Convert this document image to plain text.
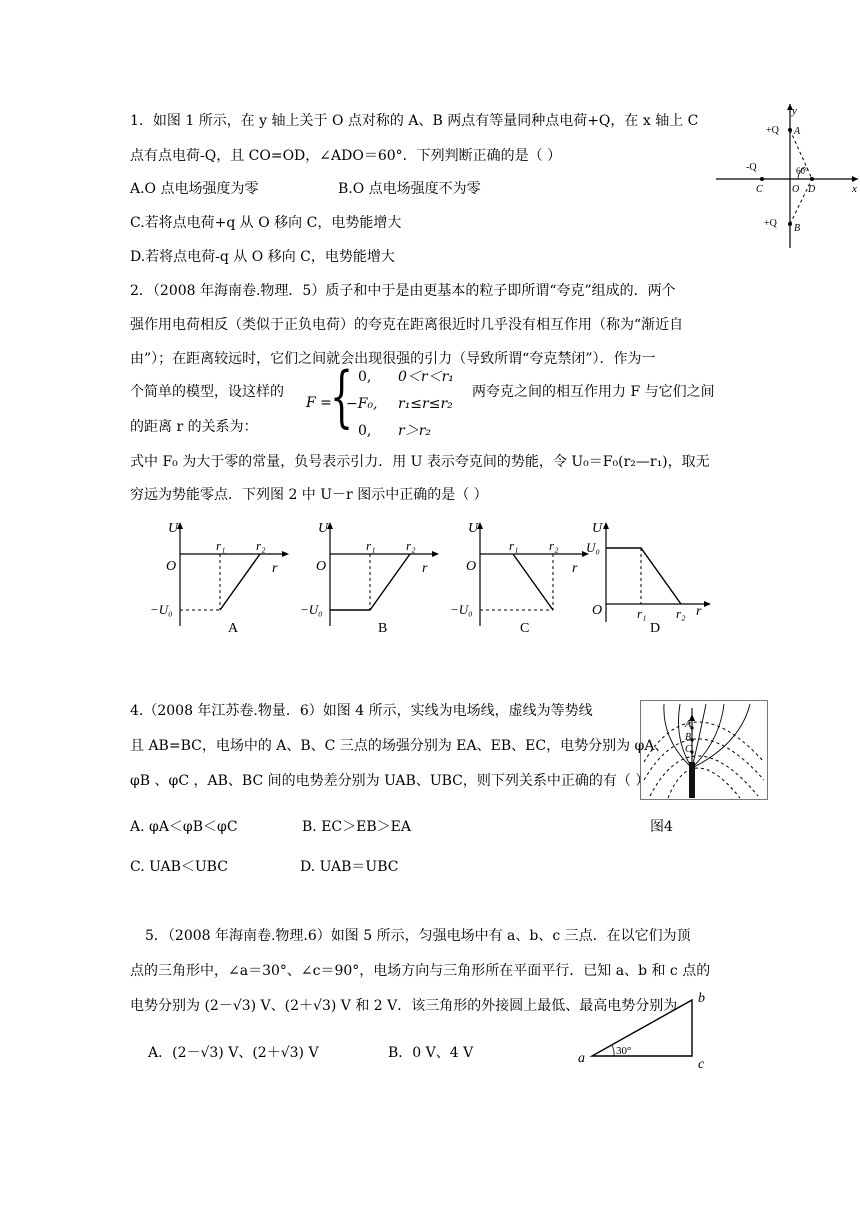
1．如图 1 所示，在 y 轴上关于 O 点对称的 A、B 两点有等量同种点电荷+Q，在 x 轴上 C
点有点电荷-Q，且 CO=OD，∠ADO＝60°．下列判断正确的是（ ）
A.O 点电场强度为零	B.O 点电场强度不为零
C.若将点电荷+q 从 O 移向 C，电势能增大
D.若将点电荷-q 从 O 移向 C，电势能增大
y
x
+Q A
-Q
C	O D
60°
+Q B
2．（2008 年海南卷.物理．5）质子和中于是由更基本的粒子即所谓“夸克”组成的．两个
强作用电荷相反（类似于正负电荷）的夸克在距离很近时几乎没有相互作用（称为“渐近自
由”）；在距离较远时，它们之间就会出现很强的引力（导致所谓“夸克禁闭”）．作为一
个简单的模型，设这样的	两夸克之间的相互作用力 F 与它们之间
的距离 r 的关系为：
F =
{ 0, 0＜r＜r₁
−F₀, r₁≤r≤r₂
0, r＞r₂
式中 F₀ 为大于零的常量，负号表示引力．用 U 表示夸克间的势能，令 U₀＝F₀(r₂—r₁)，取无
穷远为势能零点．下列图 2 中 U－r 图示中正确的是（ ）
U
O	r
r₁ r₂
−U₀
A
U
O	r
r₁ r₂
−U₀
B
U
O	r
r₁ r₂
−U₀
C
U
U₀
O	r₁ r₂ r
D
4.（2008 年江苏卷.物量．6）如图 4 所示，实线为电场线，虚线为等势线
且 AB=BC，电场中的 A、B、C 三点的场强分别为 EA、EB、EC，电势分别为 φA、
φB 、φC ，AB、BC 间的电势差分别为 UAB、UBC，则下列关系中正确的有（ ）
A. φA＜φB＜φC	B. EC＞EB＞EA
C. UAB＜UBC	D. UAB＝UBC
图4
A
B
C
5．（2008 年海南卷.物理.6）如图 5 所示，匀强电场中有 a、b、c 三点．在以它们为顶
点的三角形中，∠a＝30°、∠c＝90°，电场方向与三角形所在平面平行．已知 a、b 和 c 点的
电势分别为 (2－√3) V、(2＋√3) V 和 2 V．该三角形的外接圆上最低、最高电势分别为
A．(2－√3) V、(2＋√3) V	B．0 V、4 V	a	c
b
30°
